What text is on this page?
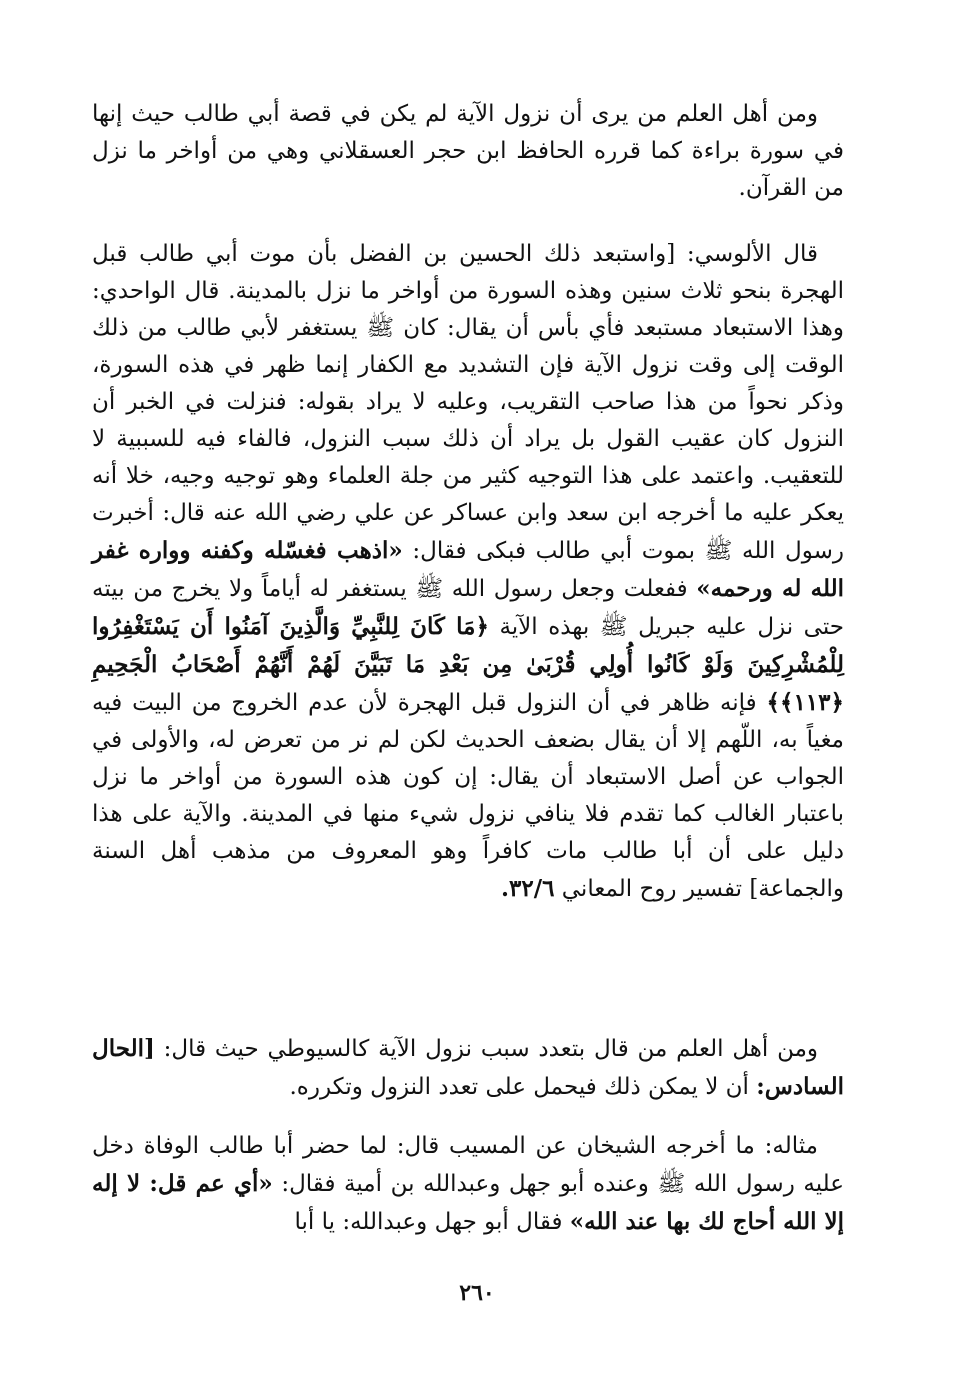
ومن أهل العلم من يرى أن نزول الآية لم يكن في قصة أبي طالب حيث إنها في سورة براءة كما قرره الحافظ ابن حجر العسقلاني وهي من أواخر ما نزل من القرآن.

قال الألوسي: [واستبعد ذلك الحسين بن الفضل بأن موت أبي طالب قبل الهجرة بنحو ثلاث سنين وهذه السورة من أواخر ما نزل بالمدينة. قال الواحدي: وهذا الاستبعاد مستبعد فأي بأس أن يقال: كان ﷺ يستغفر لأبي طالب من ذلك الوقت إلى وقت نزول الآية فإن التشديد مع الكفار إنما ظهر في هذه السورة، وذكر نحواً من هذا صاحب التقريب، وعليه لا يراد بقوله: فنزلت في الخبر أن النزول كان عقيب القول بل يراد أن ذلك سبب النزول، فالفاء فيه للسببية لا للتعقيب. واعتمد على هذا التوجيه كثير من جلة العلماء وهو توجيه وجيه، خلا أنه يعكر عليه ما أخرجه ابن سعد وابن عساكر عن علي رضي الله عنه قال: أخبرت رسول الله ﷺ بموت أبي طالب فبكى فقال: «اذهب فغسّله وكفنه وواره غفر الله له ورحمه» ففعلت وجعل رسول الله ﷺ يستغفر له أياماً ولا يخرج من بيته حتى نزل عليه جبريل ﷺ بهذه الآية ﴿مَا كَانَ لِلنَّبِيِّ وَالَّذِينَ آمَنُوا أَن يَسْتَغْفِرُوا لِلْمُشْرِكِينَ وَلَوْ كَانُوا أُولِي قُرْبَىٰ مِن بَعْدِ مَا تَبَيَّنَ لَهُمْ أَنَّهُمْ أَصْحَابُ الْجَحِيمِ ﴿١١٣﴾﴾ فإنه ظاهر في أن النزول قبل الهجرة لأن عدم الخروج من البيت فيه مغياً به، اللّهم إلا أن يقال بضعف الحديث لكن لم نر من تعرض له، والأولى في الجواب عن أصل الاستبعاد أن يقال: إن كون هذه السورة من أواخر ما نزل باعتبار الغالب كما تقدم فلا ينافي نزول شيء منها في المدينة. والآية على هذا دليل على أن أبا طالب مات كافراً وهو المعروف من مذهب أهل السنة والجماعة] تفسير روح المعاني ٣٢/٦.

ومن أهل العلم من قال بتعدد سبب نزول الآية كالسيوطي حيث قال: [الحال السادس: أن لا يمكن ذلك فيحمل على تعدد النزول وتكرره.

مثاله: ما أخرجه الشيخان عن المسيب قال: لما حضر أبا طالب الوفاة دخل عليه رسول الله ﷺ وعنده أبو جهل وعبدالله بن أمية فقال: «أي عم قل: لا إله إلا الله أحاج لك بها عند الله» فقال أبو جهل وعبدالله: يا أبا

٢٦٠
